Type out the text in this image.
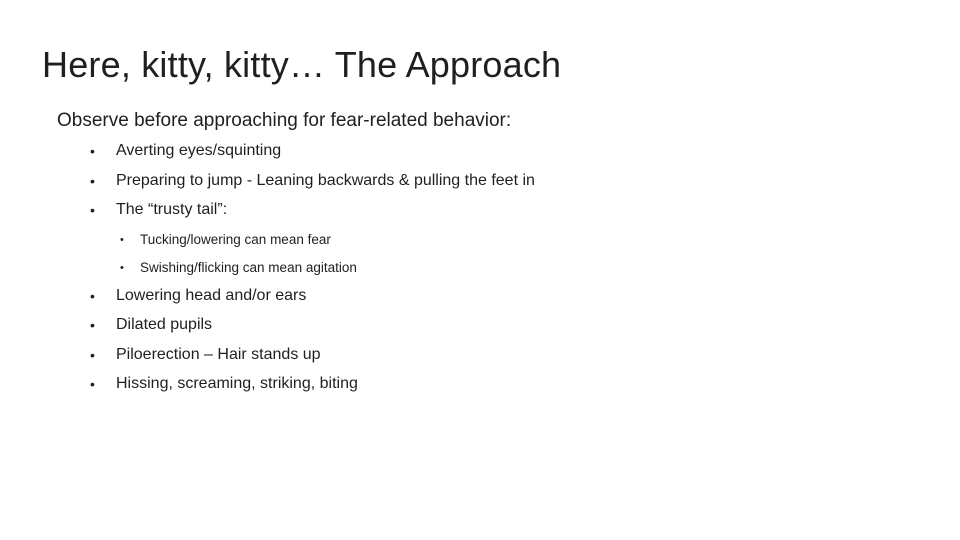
Here, kitty, kitty… The Approach

Observe before approaching for fear-related behavior:

• Averting eyes/squinting
• Preparing to jump - Leaning backwards & pulling the feet in
• The “trusty tail”:
• Tucking/lowering can mean fear
• Swishing/flicking can mean agitation
• Lowering head and/or ears
• Dilated pupils
• Piloerection – Hair stands up
• Hissing, screaming, striking, biting
